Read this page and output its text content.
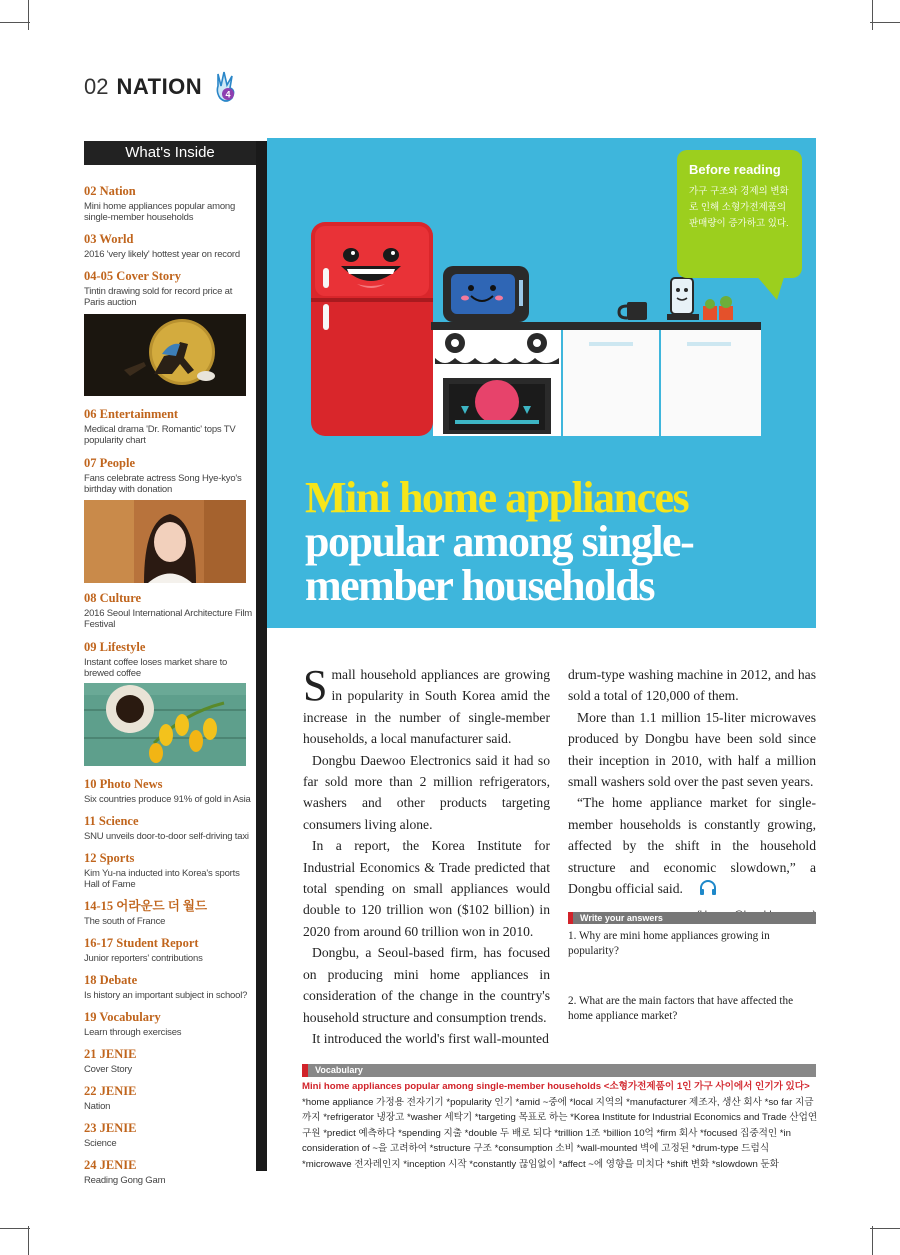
02 NATION	4
What's Inside
02 Nation
Mini home appliances popular among single-member households
03 World
2016 'very likely' hottest year on record
04-05 Cover Story
Tintin drawing sold for record price at Paris auction
06 Entertainment
Medical drama 'Dr. Romantic' tops TV popularity chart
07 People
Fans celebrate actress Song Hye-kyo's birthday with donation
08 Culture
2016 Seoul International Architecture Film Festival
09 Lifestyle
Instant coffee loses market share to brewed coffee
10 Photo News
Six countries produce 91% of gold in Asia
11 Science
SNU unveils door-to-door self-driving taxi
12 Sports
Kim Yu-na inducted into Korea's sports Hall of Fame
14-15 어라운드 더 월드
The south of France
16-17 Student Report
Junior reporters' contributions
18 Debate
Is history an important subject in school?
19 Vocabulary
Learn through exercises
21 JENIE
Cover Story
22 JENIE
Nation
23 JENIE
Science
24 JENIE
Reading Gong Gam
Before reading
가구 구조와 경제의 변화로 인해 소형가전제품의 판매량이 증가하고 있다.
Mini home appliances
popular among single-
member households

Small household appliances are growing in popularity in South Korea amid the increase in the number of single-member households, a local manufacturer said.

Dongbu Daewoo Electronics said it had so far sold more than 2 million refrigerators, washers and other products targeting consumers living alone.

In a report, the Korea Institute for Industrial Economics & Trade predicted that total spending on small appliances would double to 120 trillion won ($102 billion) in 2020 from around 60 trillion won in 2010.

Dongbu, a Seoul-based firm, has focused on producing mini home appliances in consideration of the change in the country's household structure and consumption trends.

It introduced the world's first wall-mounted

drum-type washing machine in 2012, and has sold a total of 120,000 of them.

More than 1.1 million 15-liter microwaves produced by Dongbu have been sold since their inception in 2010, with half a million small washers sold over the past seven years.

“The home appliance market for single-member households is constantly growing, affected by the shift in the household structure and economic slowdown,” a Dongbu official said.

Write your answers
1. Why are mini home appliances growing in popularity?
2. What are the main factors that have affected the home appliance market?
Vocabulary
Mini home appliances popular among single-member households <소형가전제품이 1인 가구 사이에서 인기가 있다> *home appliance 가정용 전자기기 *popularity 인기 *amid ~중에 *local 지역의 *manufacturer 제조자, 생산 회사 *so far 지금까지 *refrigerator 냉장고 *washer 세탁기 *targeting 목표로 하는 *Korea Institute for Industrial Economics and Trade 산업연구원 *predict 예측하다 *spending 지출 *double 두 배로 되다 *trillion 1조 *billion 10억 *firm 회사 *focused 집중적인 *in consideration of ~을 고려하여 *structure 구조 *consumption 소비 *wall-mounted 벽에 고정된 *drum-type 드럼식 *microwave 전자레인지 *inception 시작 *constantly 끊임없이 *affect ~에 영향을 미치다 *shift 변화 *slowdown 둔화
